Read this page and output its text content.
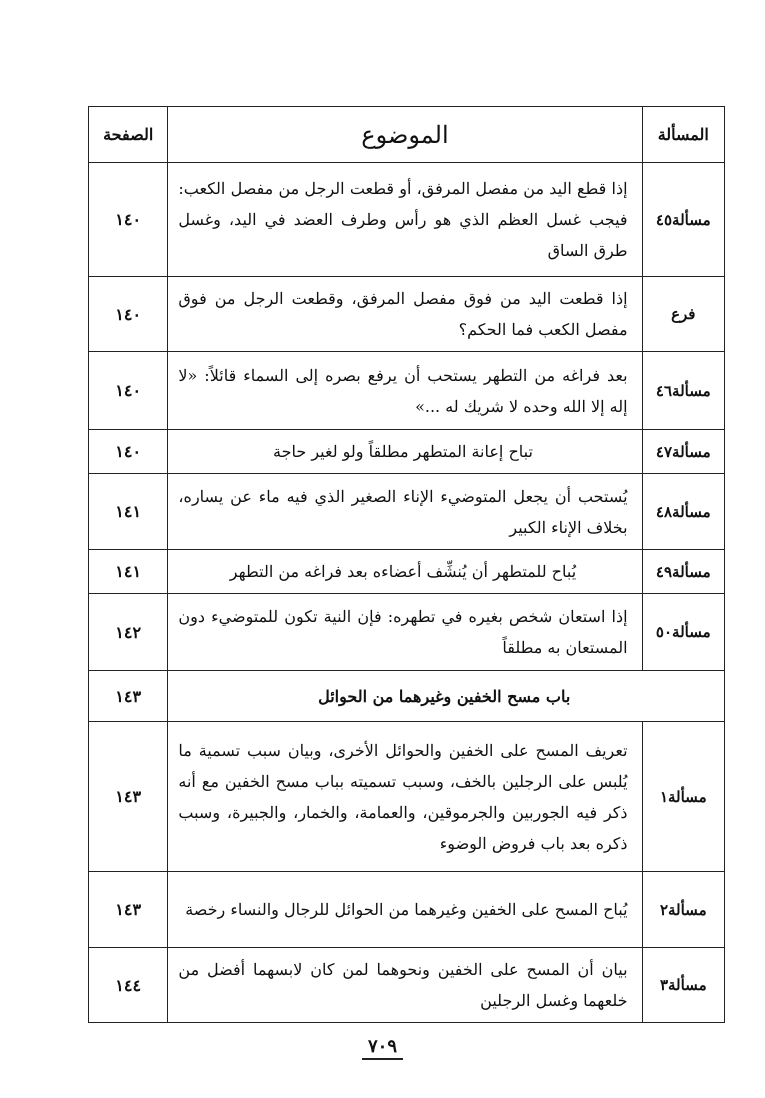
المسألة	الموضوع	الصفحة
مسألة٤٥	إذا قطع اليد من مفصل المرفق، أو قطعت الرجل من مفصل الكعب: فيجب غسل العظم الذي هو رأس وطرف العضد في اليد، وغسل طرق الساق	١٤٠
فرع	إذا قطعت اليد من فوق مفصل المرفق، وقطعت الرجل من فوق مفصل الكعب فما الحكم؟	١٤٠
مسألة٤٦	بعد فراغه من التطهر يستحب أن يرفع بصره إلى السماء قائلاً: «لا إله إلا الله وحده لا شريك له ...»	١٤٠
مسألة٤٧	تباح إعانة المتطهر مطلقاً ولو لغير حاجة	١٤٠
مسألة٤٨	يُستحب أن يجعل المتوضيء الإناء الصغير الذي فيه ماء عن يساره، بخلاف الإناء الكبير	١٤١
مسألة٤٩	يُباح للمتطهر أن يُنشِّف أعضاءه بعد فراغه من التطهر	١٤١
مسألة٥٠	إذا استعان شخص بغيره في تطهره: فإن النية تكون للمتوضيء دون المستعان به مطلقاً	١٤٢
باب مسح الخفين وغيرهما من الحوائل		١٤٣
مسألة١	تعريف المسح على الخفين والحوائل الأخرى، وبيان سبب تسمية ما يُلبس على الرجلين بالخف، وسبب تسميته بباب مسح الخفين مع أنه ذكر فيه الجوربين والجرموقين، والعمامة، والخمار، والجبيرة، وسبب ذكره بعد باب فروض الوضوء	١٤٣
مسألة٢	يُباح المسح على الخفين وغيرهما من الحوائل للرجال والنساء رخصة	١٤٣
مسألة٣	بيان أن المسح على الخفين ونحوهما لمن كان لابسهما أفضل من خلعهما وغسل الرجلين	١٤٤
٧٠٩
